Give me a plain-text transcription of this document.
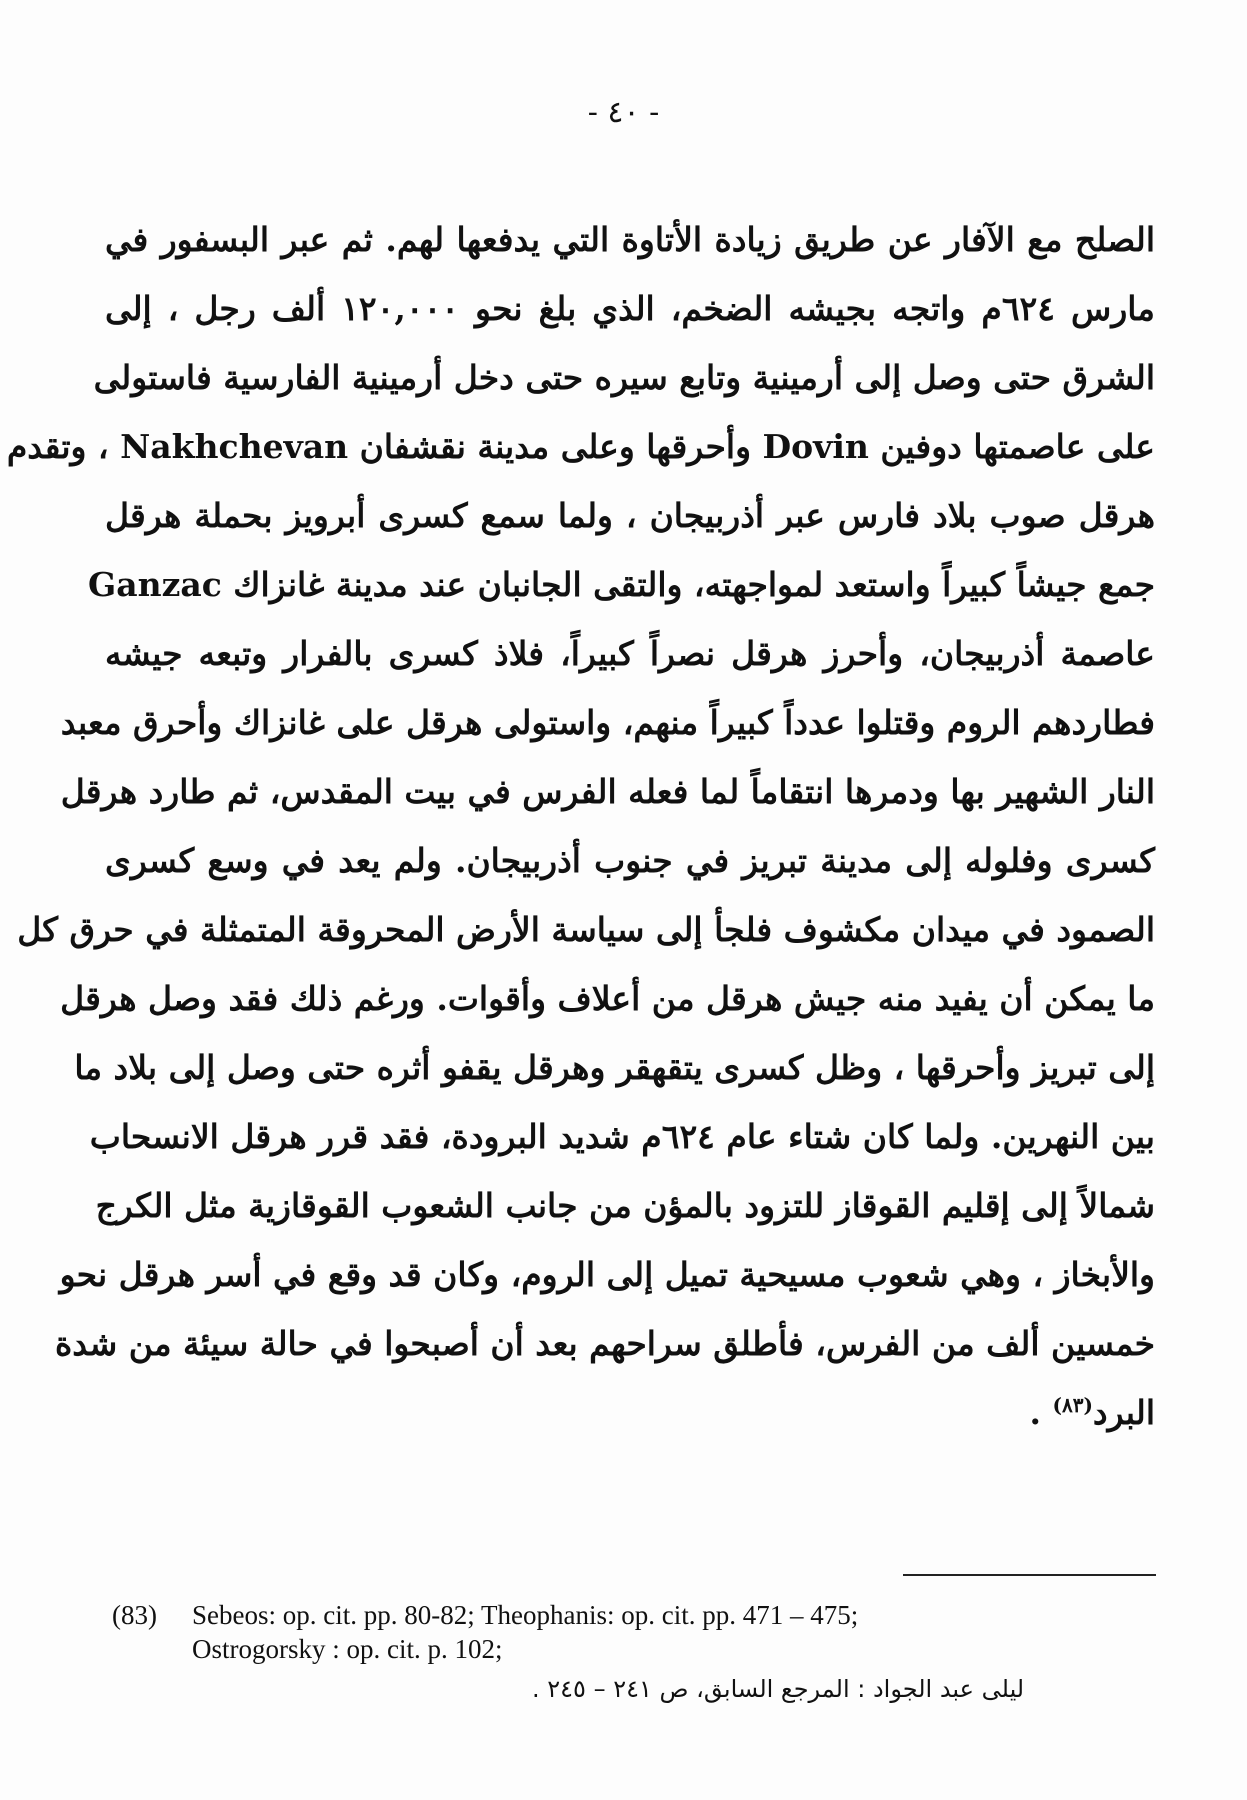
- ٤٠ -
الصلح مع الآفار عن طريق زيادة الأتاوة التي يدفعها لهم. ثم عبر البسفور في
مارس ٦٢٤م واتجه بجيشه الضخم، الذي بلغ نحو ١٢٠,٠٠٠ ألف رجل ، إلى
الشرق حتى وصل إلى أرمينية وتابع سيره حتى دخل أرمينية الفارسية فاستولى
على عاصمتها دوفين Dovin وأحرقها وعلى مدينة نقشفان Nakhchevan ، وتقدم
هرقل صوب بلاد فارس عبر أذربيجان ، ولما سمع كسرى أبرويز بحملة هرقل
جمع جيشاً كبيراً واستعد لمواجهته، والتقى الجانبان عند مدينة غانزاك Ganzac
عاصمة أذربيجان، وأحرز هرقل نصراً كبيراً، فلاذ كسرى بالفرار وتبعه جيشه
فطاردهم الروم وقتلوا عدداً كبيراً منهم، واستولى هرقل على غانزاك وأحرق معبد
النار الشهير بها ودمرها انتقاماً لما فعله الفرس في بيت المقدس، ثم طارد هرقل
كسرى وفلوله إلى مدينة تبريز في جنوب أذربيجان. ولم يعد في وسع كسرى
الصمود في ميدان مكشوف فلجأ إلى سياسة الأرض المحروقة المتمثلة في حرق كل
ما يمكن أن يفيد منه جيش هرقل من أعلاف وأقوات. ورغم ذلك فقد وصل هرقل
إلى تبريز وأحرقها ، وظل كسرى يتقهقر وهرقل يقفو أثره حتى وصل إلى بلاد ما
بين النهرين. ولما كان شتاء عام ٦٢٤م شديد البرودة، فقد قرر هرقل الانسحاب
شمالاً إلى إقليم القوقاز للتزود بالمؤن من جانب الشعوب القوقازية مثل الكرج
والأبخاز ، وهي شعوب مسيحية تميل إلى الروم، وكان قد وقع في أسر هرقل نحو
خمسين ألف من الفرس، فأطلق سراحهم بعد أن أصبحوا في حالة سيئة من شدة
البرد$^{(٨٣)}$ .
(83) Sebeos: op. cit. pp. 80-82; Theophanis: op. cit. pp. 471 – 475;
Ostrogorsky : op. cit. p. 102;
ليلى عبد الجواد : المرجع السابق، ص ٢٤١ – ٢٤٥ .
